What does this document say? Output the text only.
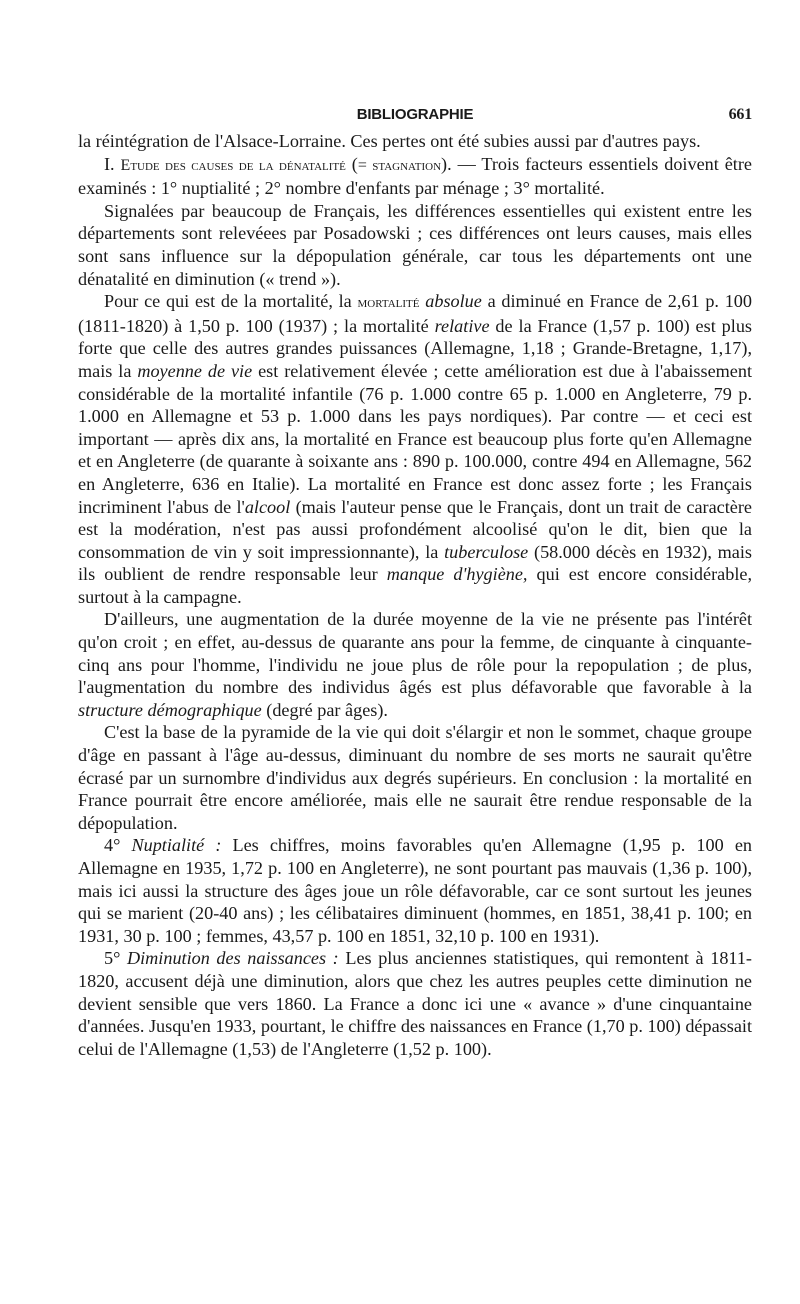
BIBLIOGRAPHIE	661

la réintégration de l'Alsace-Lorraine. Ces pertes ont été subies aussi par d'autres pays.

I. Etude des causes de la dénatalité (= stagnation). — Trois facteurs essentiels doivent être examinés : 1° nuptialité ; 2° nombre d'enfants par ménage ; 3° mortalité.

Signalées par beaucoup de Français, les différences essentielles qui existent entre les départements sont relevéees par Posadowski ; ces différences ont leurs causes, mais elles sont sans influence sur la dépopulation générale, car tous les départements ont une dénatalité en diminution (« trend »).

Pour ce qui est de la mortalité, la mortalité absolue a diminué en France de 2,61 p. 100 (1811-1820) à 1,50 p. 100 (1937) ; la mortalité relative de la France (1,57 p. 100) est plus forte que celle des autres grandes puissances (Allemagne, 1,18 ; Grande-Bretagne, 1,17), mais la moyenne de vie est relativement élevée ; cette amélioration est due à l'abaissement considérable de la mortalité infantile (76 p. 1.000 contre 65 p. 1.000 en Angleterre, 79 p. 1.000 en Allemagne et 53 p. 1.000 dans les pays nordiques). Par contre — et ceci est important — après dix ans, la mortalité en France est beaucoup plus forte qu'en Allemagne et en Angleterre (de quarante à soixante ans : 890 p. 100.000, contre 494 en Allemagne, 562 en Angleterre, 636 en Italie). La mortalité en France est donc assez forte ; les Français incriminent l'abus de l'alcool (mais l'auteur pense que le Français, dont un trait de caractère est la modération, n'est pas aussi profondément alcoolisé qu'on le dit, bien que la consommation de vin y soit impressionnante), la tuberculose (58.000 décès en 1932), mais ils oublient de rendre responsable leur manque d'hygiène, qui est encore considérable, surtout à la campagne.

D'ailleurs, une augmentation de la durée moyenne de la vie ne présente pas l'intérêt qu'on croit ; en effet, au-dessus de quarante ans pour la femme, de cinquante à cinquante-cinq ans pour l'homme, l'individu ne joue plus de rôle pour la repopulation ; de plus, l'augmentation du nombre des individus âgés est plus défavorable que favorable à la structure démographique (degré par âges).

C'est la base de la pyramide de la vie qui doit s'élargir et non le sommet, chaque groupe d'âge en passant à l'âge au-dessus, diminuant du nombre de ses morts ne saurait qu'être écrasé par un surnombre d'individus aux degrés supérieurs. En conclusion : la mortalité en France pourrait être encore améliorée, mais elle ne saurait être rendue responsable de la dépopulation.

4° Nuptialité : Les chiffres, moins favorables qu'en Allemagne (1,95 p. 100 en Allemagne en 1935, 1,72 p. 100 en Angleterre), ne sont pourtant pas mauvais (1,36 p. 100), mais ici aussi la structure des âges joue un rôle défavorable, car ce sont surtout les jeunes qui se marient (20-40 ans) ; les célibataires diminuent (hommes, en 1851, 38,41 p. 100; en 1931, 30 p. 100 ; femmes, 43,57 p. 100 en 1851, 32,10 p. 100 en 1931).

5° Diminution des naissances : Les plus anciennes statistiques, qui remontent à 1811-1820, accusent déjà une diminution, alors que chez les autres peuples cette diminution ne devient sensible que vers 1860. La France a donc ici une « avance » d'une cinquantaine d'années. Jusqu'en 1933, pourtant, le chiffre des naissances en France (1,70 p. 100) dépassait celui de l'Allemagne (1,53) de l'Angleterre (1,52 p. 100).
